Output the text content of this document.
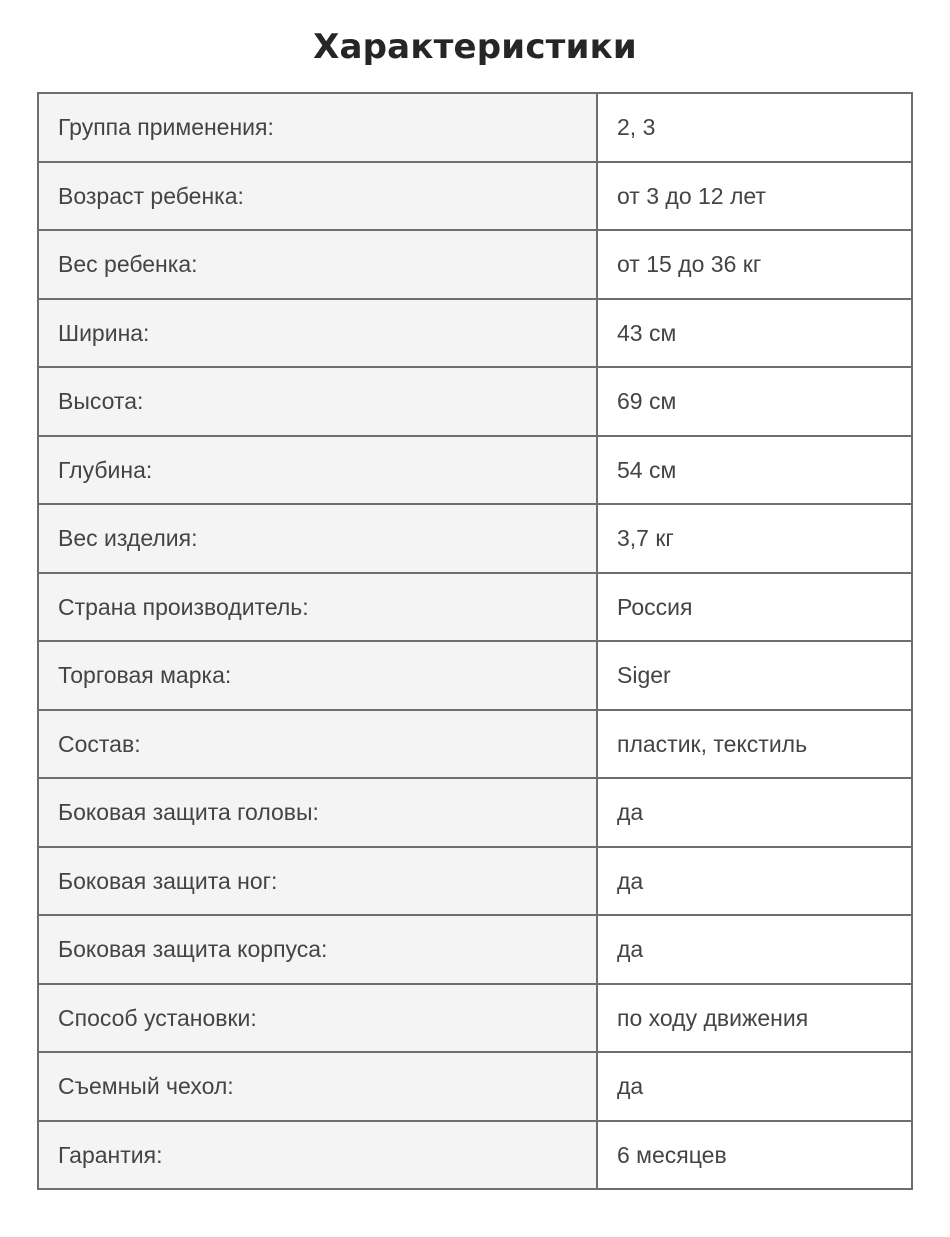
Характеристики
Группа применения:	2, 3
Возраст ребенка:	от 3 до 12 лет
Вес ребенка:	от 15 до 36 кг
Ширина:	43 см
Высота:	69 см
Глубина:	54 см
Вес изделия:	3,7 кг
Страна производитель:	Россия
Торговая марка:	Siger
Состав:	пластик, текстиль
Боковая защита головы:	да
Боковая защита ног:	да
Боковая защита корпуса:	да
Способ установки:	по ходу движения
Съемный чехол:	да
Гарантия:	6 месяцев
